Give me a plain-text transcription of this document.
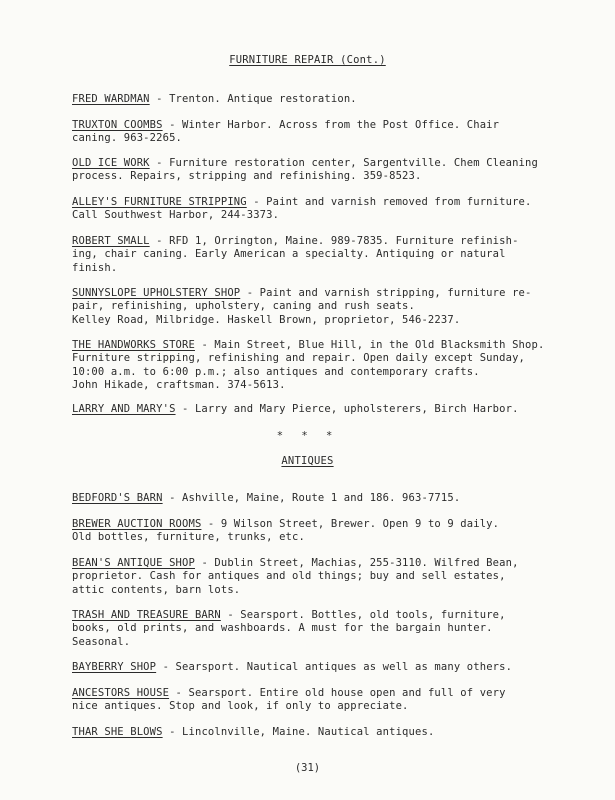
FURNITURE REPAIR (Cont.)
FRED WARDMAN - Trenton. Antique restoration.
TRUXTON COOMBS - Winter Harbor. Across from the Post Office. Chair
caning. 963-2265.
OLD ICE WORK - Furniture restoration center, Sargentville. Chem Cleaning
process. Repairs, stripping and refinishing. 359-8523.
ALLEY'S FURNITURE STRIPPING - Paint and varnish removed from furniture.
Call Southwest Harbor, 244-3373.
ROBERT SMALL - RFD 1, Orrington, Maine. 989-7835. Furniture refinish-
ing, chair caning. Early American a specialty. Antiquing or natural
finish.
SUNNYSLOPE UPHOLSTERY SHOP - Paint and varnish stripping, furniture re-
pair, refinishing, upholstery, caning and rush seats.
Kelley Road, Milbridge. Haskell Brown, proprietor, 546-2237.
THE HANDWORKS STORE - Main Street, Blue Hill, in the Old Blacksmith Shop.
Furniture stripping, refinishing and repair. Open daily except Sunday,
10:00 a.m. to 6:00 p.m.; also antiques and contemporary crafts.
John Hikade, craftsman. 374-5613.
LARRY AND MARY'S - Larry and Mary Pierce, upholsterers, Birch Harbor.
* * *
ANTIQUES
BEDFORD'S BARN - Ashville, Maine, Route 1 and 186. 963-7715.
BREWER AUCTION ROOMS - 9 Wilson Street, Brewer. Open 9 to 9 daily.
Old bottles, furniture, trunks, etc.
BEAN'S ANTIQUE SHOP - Dublin Street, Machias, 255-3110. Wilfred Bean,
proprietor. Cash for antiques and old things; buy and sell estates,
attic contents, barn lots.
TRASH AND TREASURE BARN - Searsport. Bottles, old tools, furniture,
books, old prints, and washboards. A must for the bargain hunter.
Seasonal.
BAYBERRY SHOP - Searsport. Nautical antiques as well as many others.
ANCESTORS HOUSE - Searsport. Entire old house open and full of very
nice antiques. Stop and look, if only to appreciate.
THAR SHE BLOWS - Lincolnville, Maine. Nautical antiques.
(31)
